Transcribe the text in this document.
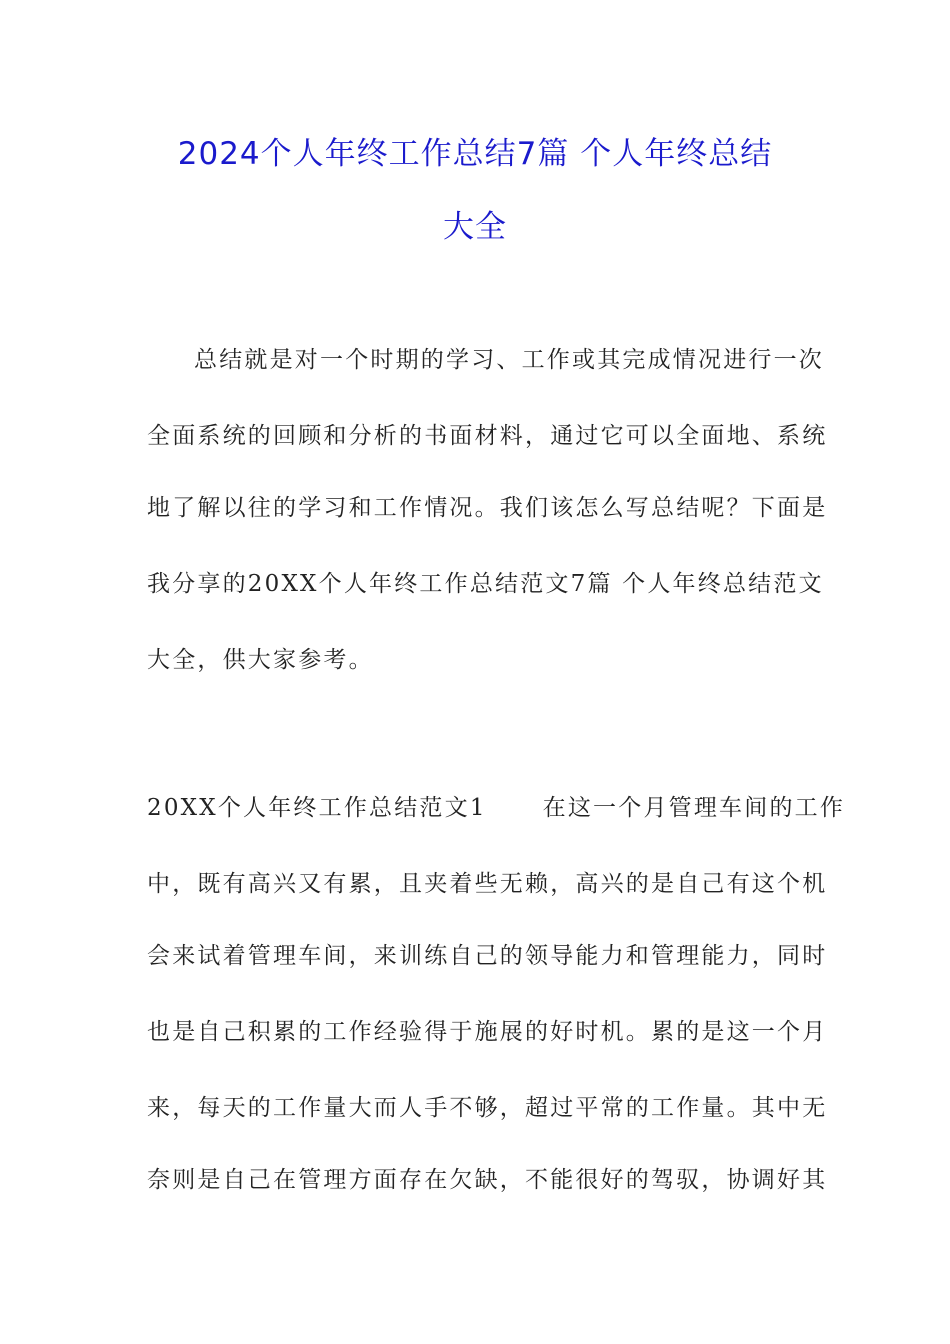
2024个人年终工作总结7篇 个人年终总结
大全
总结就是对一个时期的学习、工作或其完成情况进行一次
全面系统的回顾和分析的书面材料，通过它可以全面地、系统
地了解以往的学习和工作情况。我们该怎么写总结呢？下面是
我分享的20XX个人年终工作总结范文7篇 个人年终总结范文
大全，供大家参考。
20XX个人年终工作总结范文1 在这一个月管理车间的工作
中，既有高兴又有累，且夹着些无赖，高兴的是自己有这个机
会来试着管理车间，来训练自己的领导能力和管理能力，同时
也是自己积累的工作经验得于施展的好时机。累的是这一个月
来，每天的工作量大而人手不够，超过平常的工作量。其中无
奈则是自己在管理方面存在欠缺，不能很好的驾驭，协调好其
